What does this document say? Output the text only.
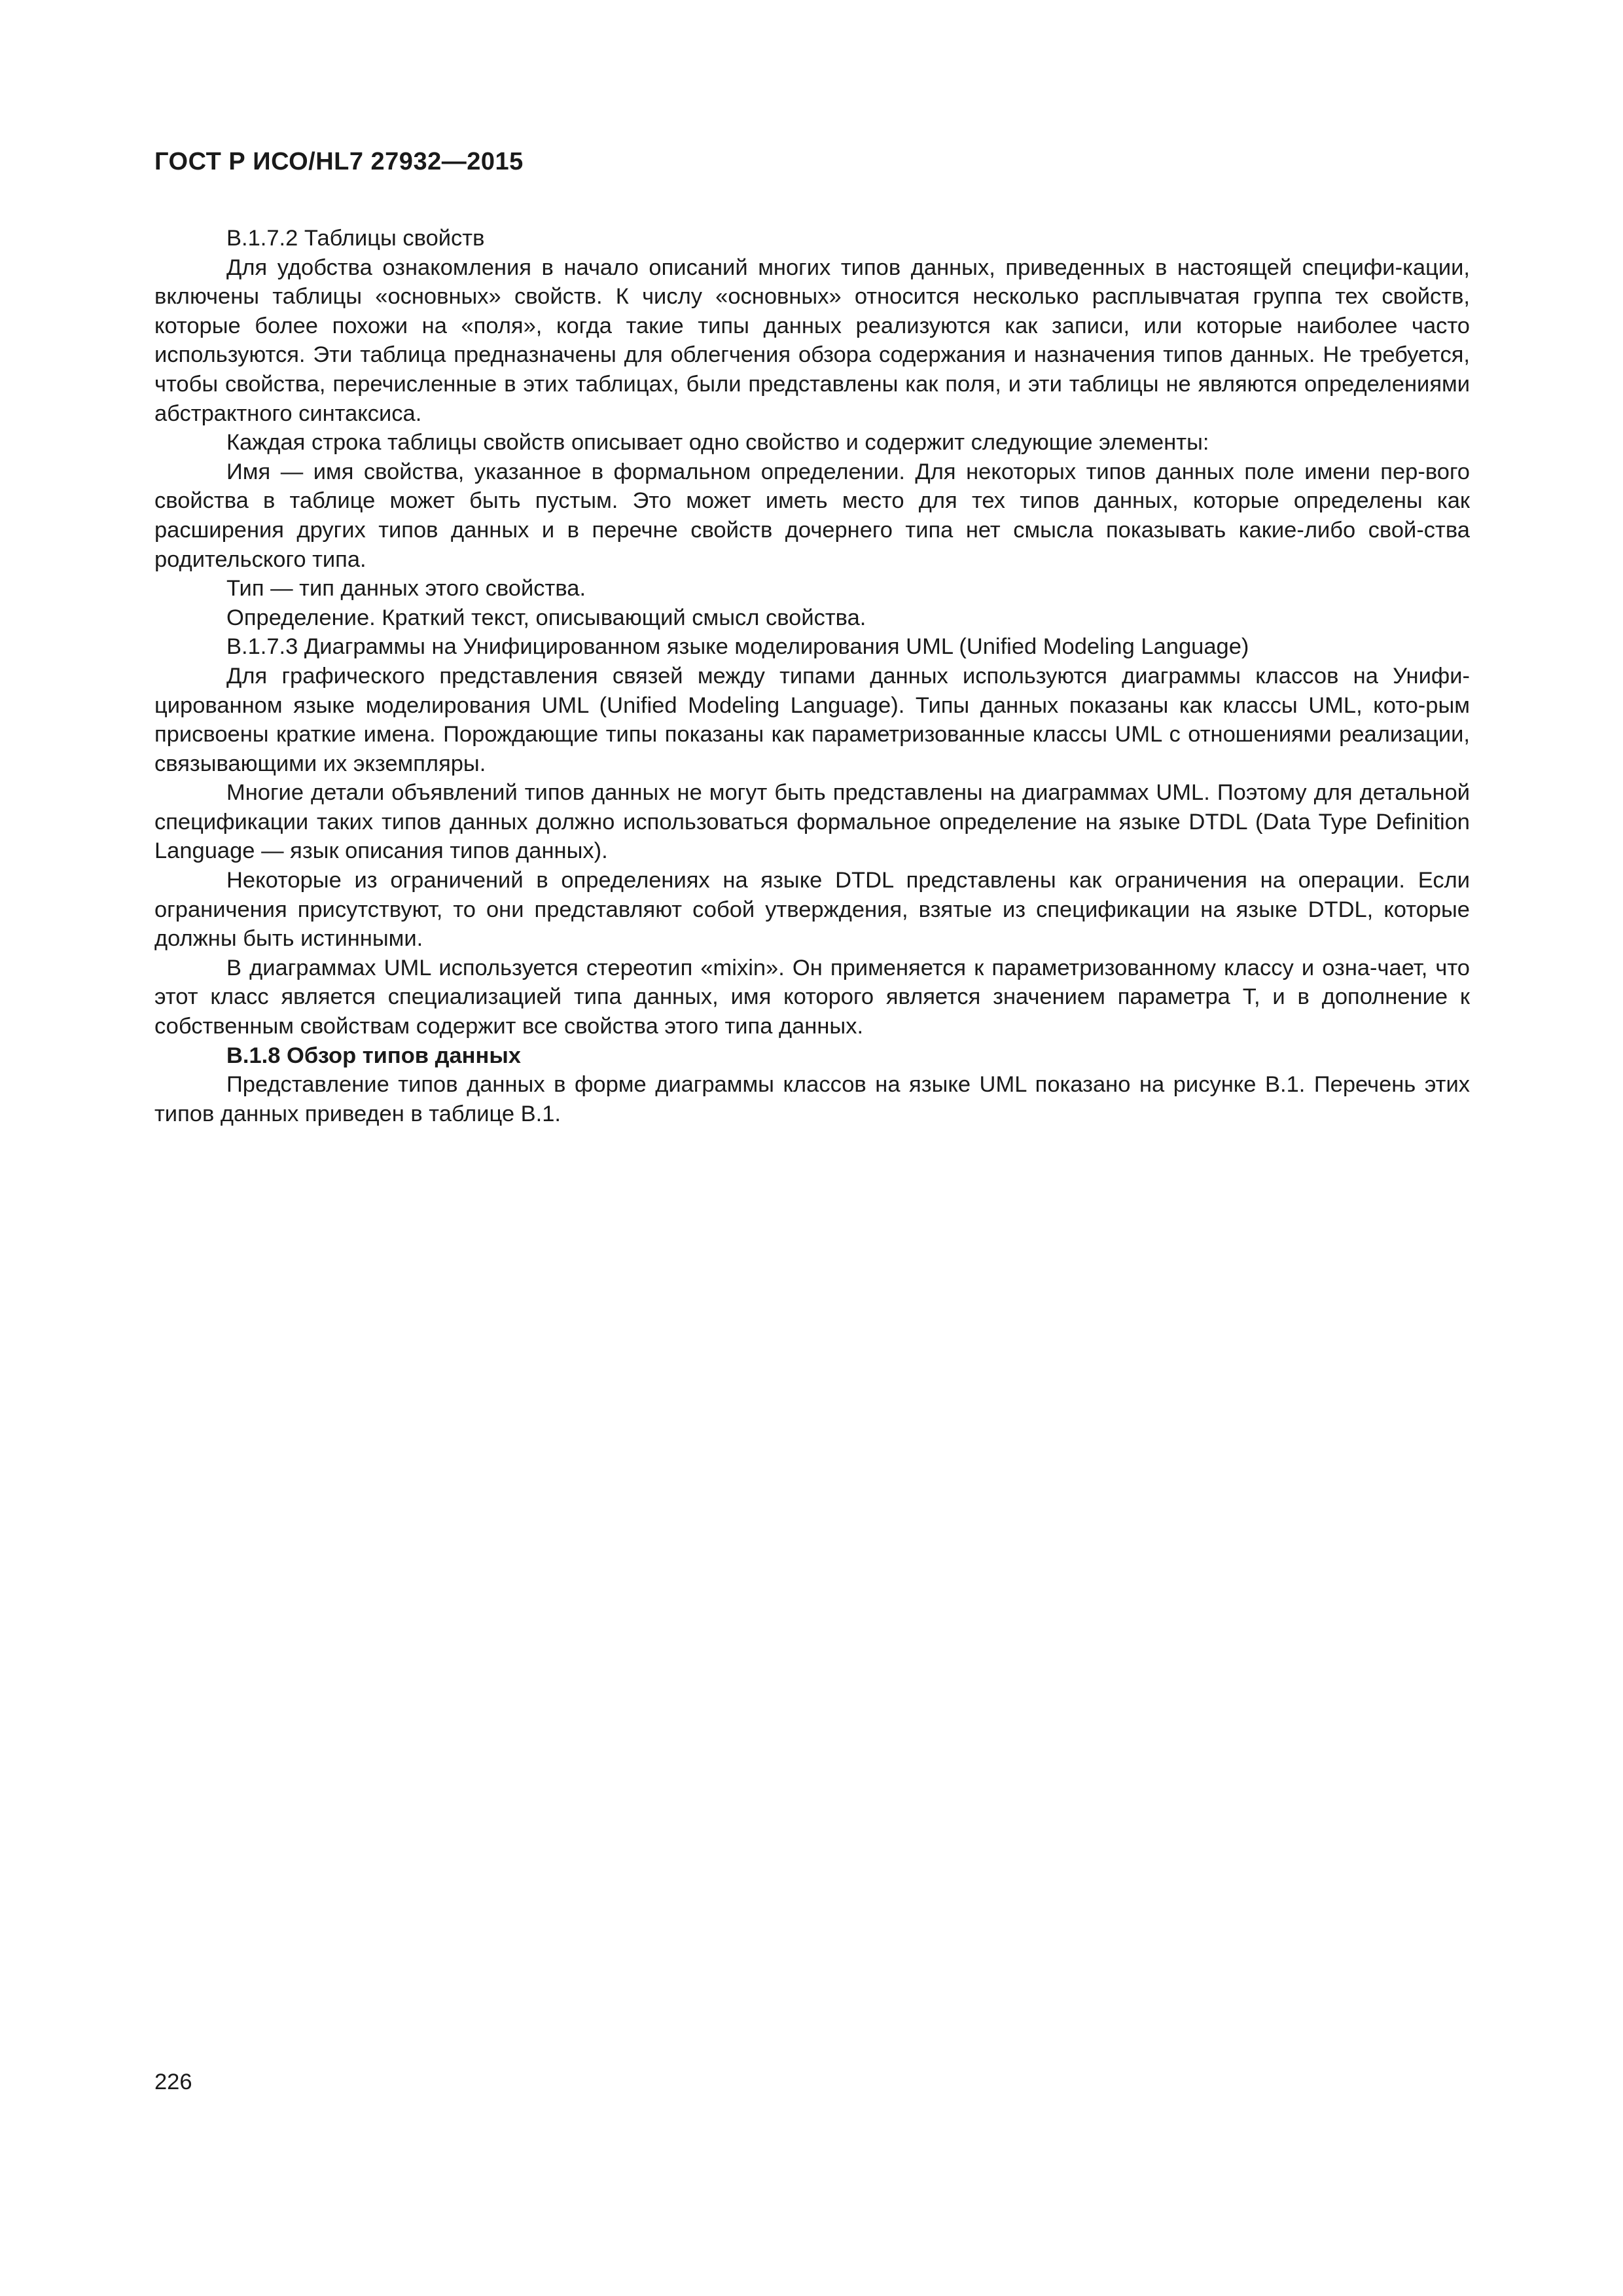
ГОСТ Р ИСО/HL7 27932—2015

В.1.7.2 Таблицы свойств

Для удобства ознакомления в начало описаний многих типов данных, приведенных в настоящей специфи-кации, включены таблицы «основных» свойств. К числу «основных» относится несколько расплывчатая группа тех свойств, которые более похожи на «поля», когда такие типы данных реализуются как записи, или которые наиболее часто используются. Эти таблица предназначены для облегчения обзора содержания и назначения типов данных. Не требуется, чтобы свойства, перечисленные в этих таблицах, были представлены как поля, и эти таблицы не являются определениями абстрактного синтаксиса.

Каждая строка таблицы свойств описывает одно свойство и содержит следующие элементы:

Имя — имя свойства, указанное в формальном определении. Для некоторых типов данных поле имени пер-вого свойства в таблице может быть пустым. Это может иметь место для тех типов данных, которые определены как расширения других типов данных и в перечне свойств дочернего типа нет смысла показывать какие-либо свой-ства родительского типа.

Тип — тип данных этого свойства.

Определение. Краткий текст, описывающий смысл свойства.

В.1.7.3 Диаграммы на Унифицированном языке моделирования UML (Unified Modeling Language)

Для графического представления связей между типами данных используются диаграммы классов на Унифи-цированном языке моделирования UML (Unified Modeling Language). Типы данных показаны как классы UML, кото-рым присвоены краткие имена. Порождающие типы показаны как параметризованные классы UML с отношениями реализации, связывающими их экземпляры.

Многие детали объявлений типов данных не могут быть представлены на диаграммах UML. Поэтому для детальной спецификации таких типов данных должно использоваться формальное определение на языке DTDL (Data Type Definition Language — язык описания типов данных).

Некоторые из ограничений в определениях на языке DTDL представлены как ограничения на операции. Если ограничения присутствуют, то они представляют собой утверждения, взятые из спецификации на языке DTDL, которые должны быть истинными.

В диаграммах UML используется стереотип «mixin». Он применяется к параметризованному классу и озна-чает, что этот класс является специализацией типа данных, имя которого является значением параметра T, и в дополнение к собственным свойствам содержит все свойства этого типа данных.

В.1.8 Обзор типов данных

Представление типов данных в форме диаграммы классов на языке UML показано на рисунке В.1. Перечень этих типов данных приведен в таблице В.1.

226
